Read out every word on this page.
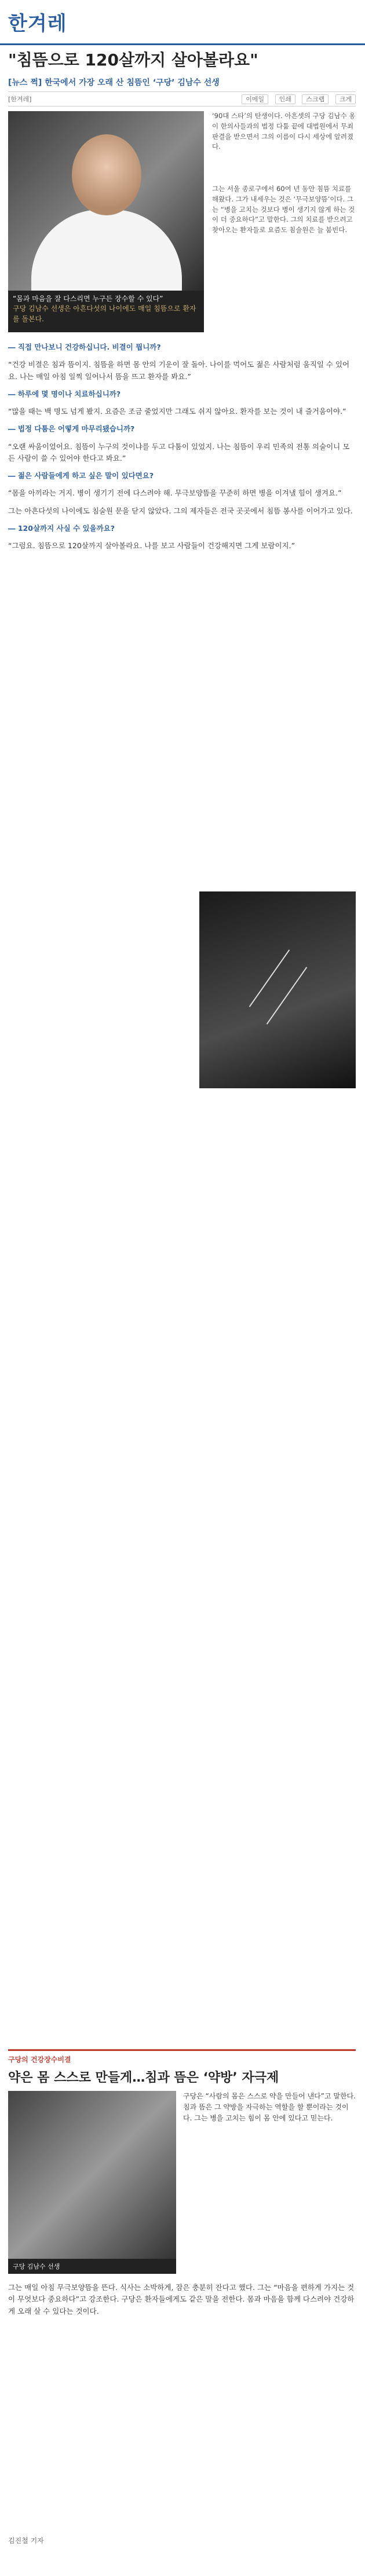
한겨레
"침뜸으로 120살까지 살아볼라요"
[뉴스 쩍] 한국에서 가장 오래 산 침뜸인 ‘구당’ 김남수 선생
[한겨레]	이메일 인쇄 스크랩 크게
“몸과 마음을 잘 다스리면 누구든 장수할 수 있다”
구당 김남수 선생은 아흔다섯의 나이에도 매일 침뜸으로 환자를 돌본다.
‘90대 스타’의 탄생이다. 아흔셋의 구당 김남수 옹이 한의사들과의 법정 다툼 끝에 대법원에서 무죄 판결을 받으면서 그의 이름이 다시 세상에 알려졌다.
그는 서울 종로구에서 60여 년 동안 침뜸 치료를 해왔다. 그가 내세우는 것은 ‘무극보양뜸’이다. 그는 “병을 고치는 것보다 병이 생기지 않게 하는 것이 더 중요하다”고 말한다. 그의 치료를 받으려고 찾아오는 환자들로 요즘도 침술원은 늘 붐빈다.

― 직접 만나보니 건강하십니다. 비결이 뭡니까?

“건강 비결은 침과 뜸이지. 침뜸을 하면 몸 안의 기운이 잘 돌아. 나이를 먹어도 젊은 사람처럼 움직일 수 있어요. 나는 매일 아침 일찍 일어나서 뜸을 뜨고 환자를 봐요.”

― 하루에 몇 명이나 치료하십니까?

“많을 때는 백 명도 넘게 봤지. 요즘은 조금 줄었지만 그래도 쉬지 않아요. 환자를 보는 것이 내 즐거움이야.”

― 법정 다툼은 어떻게 마무리됐습니까?

“오랜 싸움이었어요. 침뜸이 누구의 것이냐를 두고 다툼이 있었지. 나는 침뜸이 우리 민족의 전통 의술이니 모든 사람이 쓸 수 있어야 한다고 봐요.”

― 젊은 사람들에게 하고 싶은 말이 있다면요?

“몸을 아끼라는 거지. 병이 생기기 전에 다스려야 해. 무극보양뜸을 꾸준히 하면 병을 이겨낼 힘이 생겨요.”

그는 아흔다섯의 나이에도 침술원 문을 닫지 않았다. 그의 제자들은 전국 곳곳에서 침뜸 봉사를 이어가고 있다.

― 120살까지 사실 수 있을까요?

“그럼요. 침뜸으로 120살까지 살아볼라요. 나를 보고 사람들이 건강해지면 그게 보람이지.”

구당의 건강장수비결
약은 몸 스스로 만들게…침과 뜸은 ‘약방’ 자극제
구당 김남수 선생
구당은 “사람의 몸은 스스로 약을 만들어 낸다”고 말한다. 침과 뜸은 그 약방을 자극하는 역할을 할 뿐이라는 것이다. 그는 병을 고치는 힘이 몸 안에 있다고 믿는다.
그는 매일 아침 무극보양뜸을 뜬다. 식사는 소박하게, 잠은 충분히 잔다고 했다. 그는 “마음을 편하게 가지는 것이 무엇보다 중요하다”고 강조한다. 구당은 환자들에게도 같은 말을 전한다. 몸과 마음을 함께 다스려야 건강하게 오래 살 수 있다는 것이다.
김진철 기자
